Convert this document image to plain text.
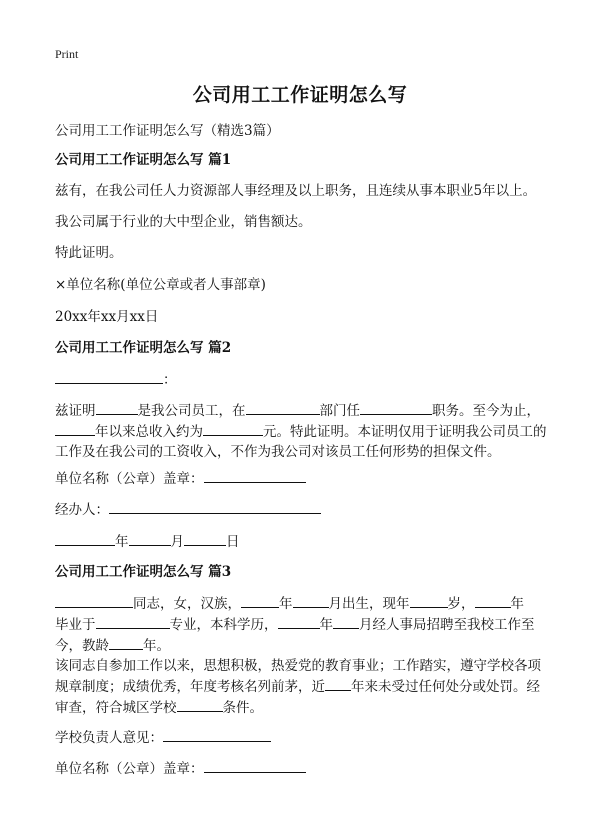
Print
公司用工工作证明怎么写
公司用工工作证明怎么写（精选3篇）
公司用工工作证明怎么写 篇1
兹有，在我公司任人力资源部人事经理及以上职务，且连续从事本职业5年以上。
我公司属于行业的大中型企业，销售额达。
特此证明。
×单位名称(单位公章或者人事部章)
20xx年xx月xx日
公司用工工作证明怎么写 篇2
：
兹证明	是我公司员工，在	部门任	职务。至今为止，
年以来总收入约为	元。特此证明。本证明仅用于证明我公司员工的工作及在我公司的工资收入，不作为我公司对该员工任何形势的担保文件。
单位名称（公章）盖章：
经办人：
年	月	日
公司用工工作证明怎么写 篇3
同志，女，汉族，	年	月出生，现年	岁，	年
毕业于	专业，本科学历，	年 月经人事局招聘至我校工作至今，教龄	年。
该同志自参加工作以来，思想积极，热爱党的教育事业；工作踏实，遵守学校各项规章制度；成绩优秀，年度考核名列前茅，近 年来未受过任何处分或处罚。经审查，符合城区学校	条件。
学校负责人意见：
单位名称（公章）盖章：
